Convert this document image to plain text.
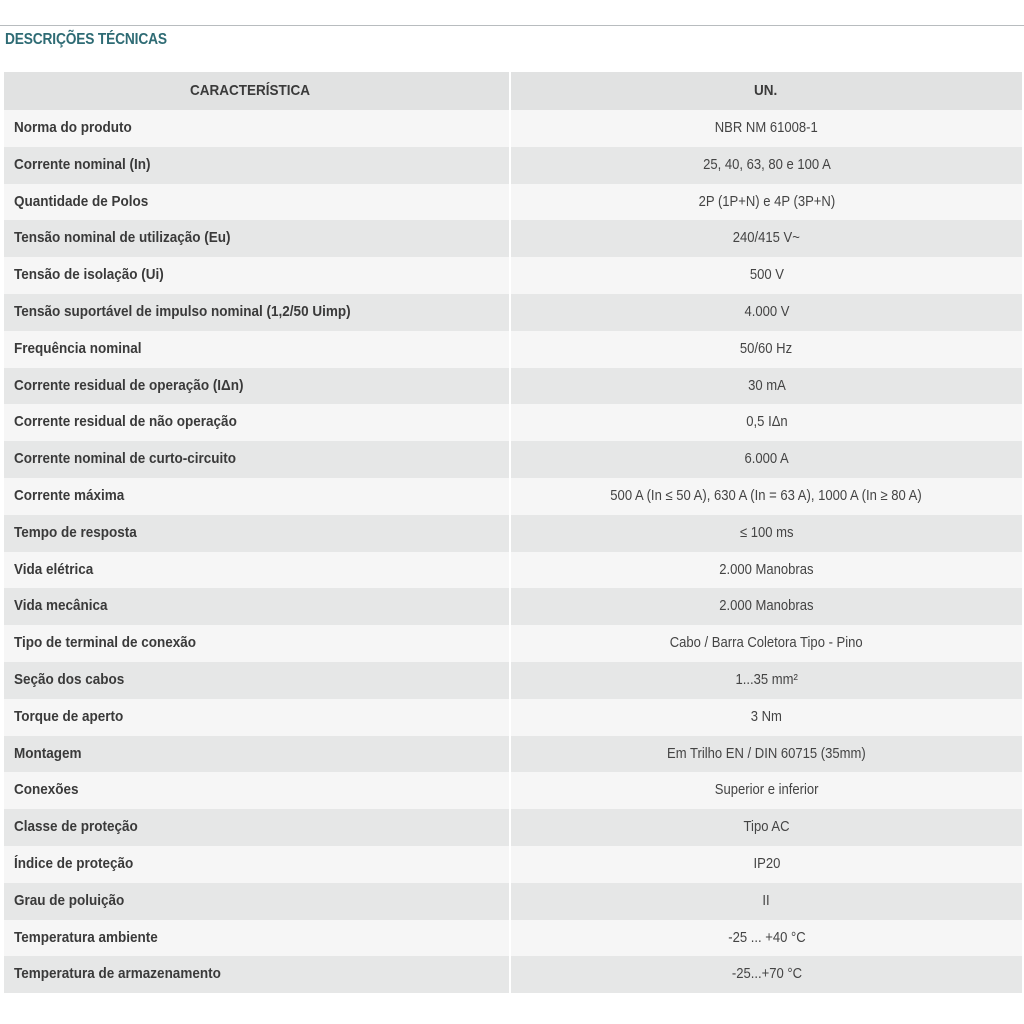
DESCRIÇÕES TÉCNICAS
CARACTERÍSTICA	UN.
Norma do produto	NBR NM 61008-1
Corrente nominal (In)	25, 40, 63, 80 e 100 A
Quantidade de Polos	2P (1P+N) e 4P (3P+N)
Tensão nominal de utilização (Eu)	240/415 V~
Tensão de isolação (Ui)	500 V
Tensão suportável de impulso nominal (1,2/50 Uimp)	4.000 V
Frequência nominal	50/60 Hz
Corrente residual de operação (IΔn)	30 mA
Corrente residual de não operação	0,5 IΔn
Corrente nominal de curto-circuito	6.000 A
Corrente máxima	500 A (In ≤ 50 A), 630 A (In = 63 A), 1000 A (In ≥ 80 A)
Tempo de resposta	≤ 100 ms
Vida elétrica	2.000 Manobras
Vida mecânica	2.000 Manobras
Tipo de terminal de conexão	Cabo / Barra Coletora Tipo - Pino
Seção dos cabos	1...35 mm²
Torque de aperto	3 Nm
Montagem	Em Trilho EN / DIN 60715 (35mm)
Conexões	Superior e inferior
Classe de proteção	Tipo AC
Índice de proteção	IP20
Grau de poluição	II
Temperatura ambiente	-25 ... +40 °C
Temperatura de armazenamento	-25...+70 °C
